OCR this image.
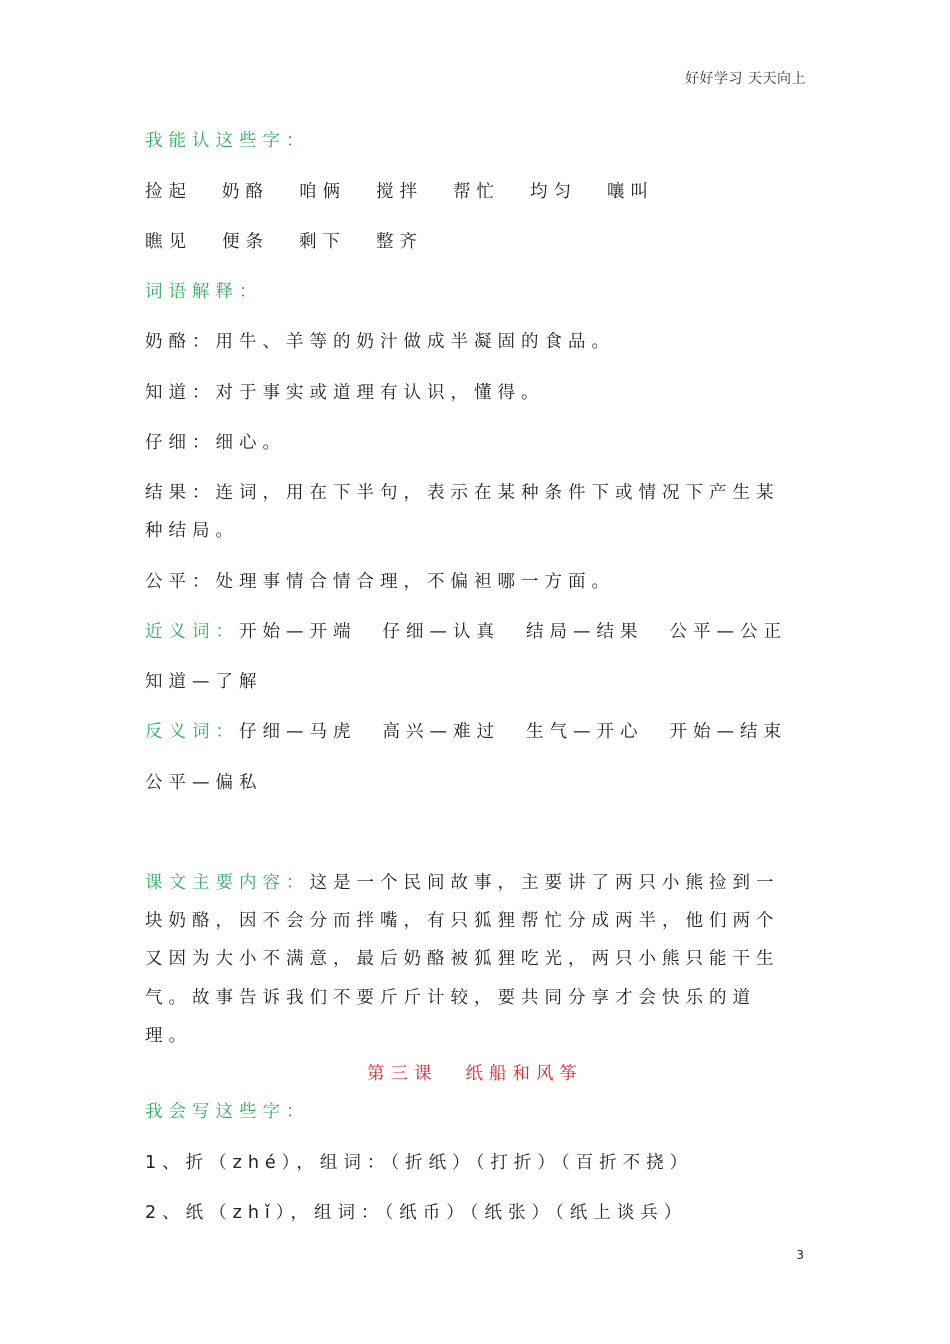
好好学习 天天向上
我能认这些字：
捡起 奶酪 咱俩 搅拌 帮忙 均匀 嚷叫
瞧见 便条 剩下 整齐
词语解释：
奶酪：用牛、羊等的奶汁做成半凝固的食品。
知道：对于事实或道理有认识，懂得。
仔细：细心。
结果：连词，用在下半句，表示在某种条件下或情况下产生某
种结局。
公平：处理事情合情合理，不偏袒哪一方面。
近义词：开始—开端 仔细—认真 结局—结果 公平—公正
知道—了解
反义词：仔细—马虎 高兴—难过 生气—开心 开始—结束
公平—偏私
课文主要内容：这是一个民间故事，主要讲了两只小熊捡到一
块奶酪，因不会分而拌嘴，有只狐狸帮忙分成两半，他们两个
又因为大小不满意，最后奶酪被狐狸吃光，两只小熊只能干生
气。故事告诉我们不要斤斤计较，要共同分享才会快乐的道
理。
第三课 纸船和风筝
我会写这些字：
1、折（zhé），组词：（折纸）（打折）（百折不挠）
2、纸（zhǐ），组词：（纸币）（纸张）（纸上谈兵）
3
